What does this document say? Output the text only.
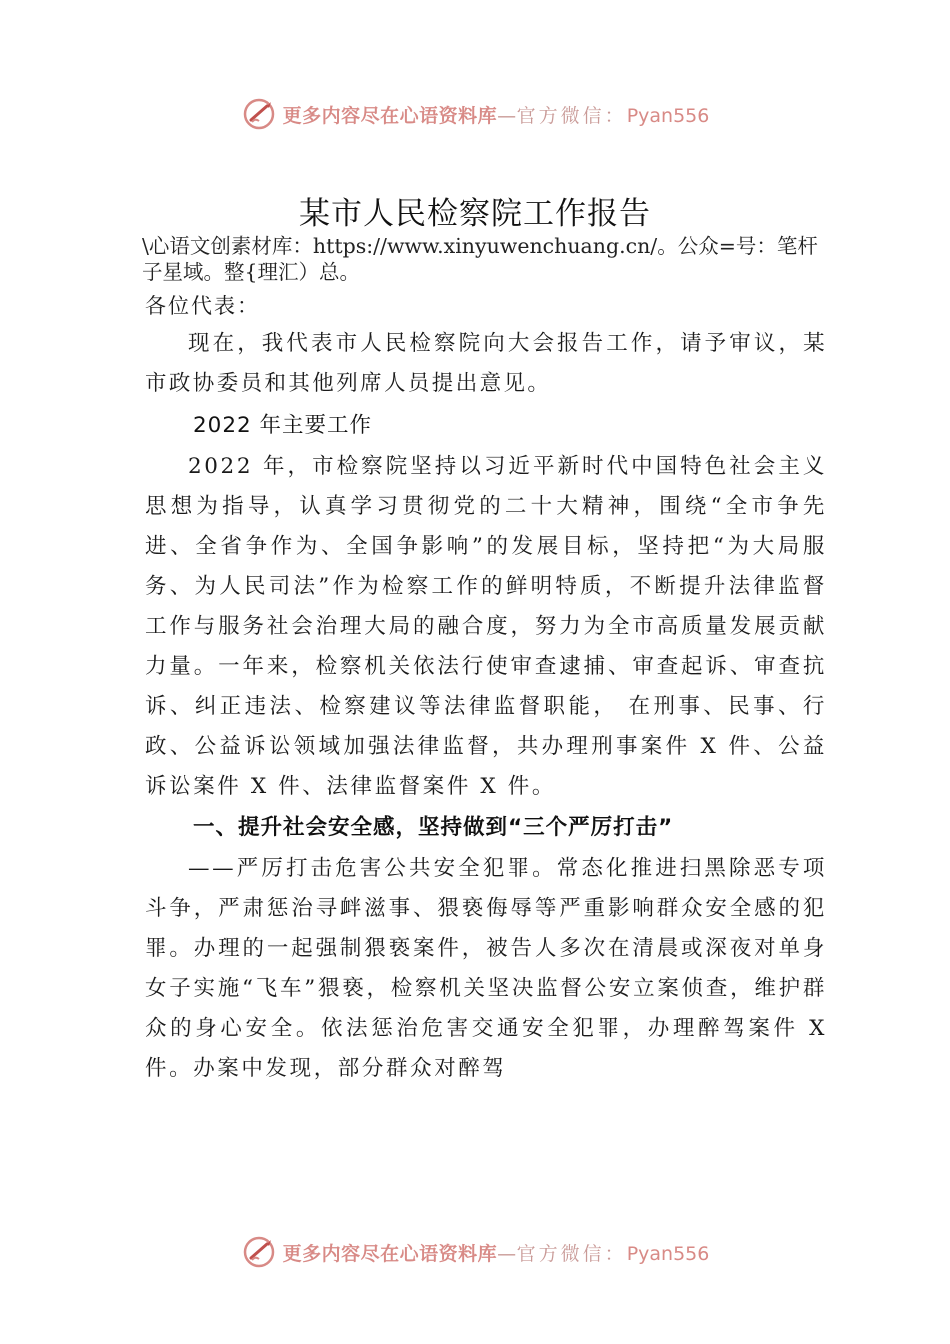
更多内容尽在心语资料库—官方微信：Pyan556
某市人民检察院工作报告
\心语文创素材库：https://www.xinyuwenchuang.cn/。公众=号：笔杆子星域。整{理汇）总。
各位代表：

现在，我代表市人民检察院向大会报告工作，请予审议，某市政协委员和其他列席人员提出意见。

2022 年主要工作

2022 年，市检察院坚持以习近平新时代中国特色社会主义思想为指导，认真学习贯彻党的二十大精神，围绕“全市争先进、全省争作为、全国争影响”的发展目标，坚持把“为大局服务、为人民司法”作为检察工作的鲜明特质，不断提升法律监督工作与服务社会治理大局的融合度，努力为全市高质量发展贡献力量。一年来，检察机关依法行使审查逮捕、审查起诉、审查抗诉、纠正违法、检察建议等法律监督职能， 在刑事、民事、行政、公益诉讼领域加强法律监督，共办理刑事案件 X 件、公益诉讼案件 X 件、法律监督案件 X 件。

一、提升社会安全感，坚持做到“三个严厉打击”

——严厉打击危害公共安全犯罪。常态化推进扫黑除恶专项斗争，严肃惩治寻衅滋事、猥亵侮辱等严重影响群众安全感的犯罪。办理的一起强制猥亵案件，被告人多次在清晨或深夜对单身女子实施“飞车”猥亵，检察机关坚决监督公安立案侦查，维护群众的身心安全。依法惩治危害交通安全犯罪，办理醉驾案件 X 件。办案中发现，部分群众对醉驾

更多内容尽在心语资料库—官方微信：Pyan556
